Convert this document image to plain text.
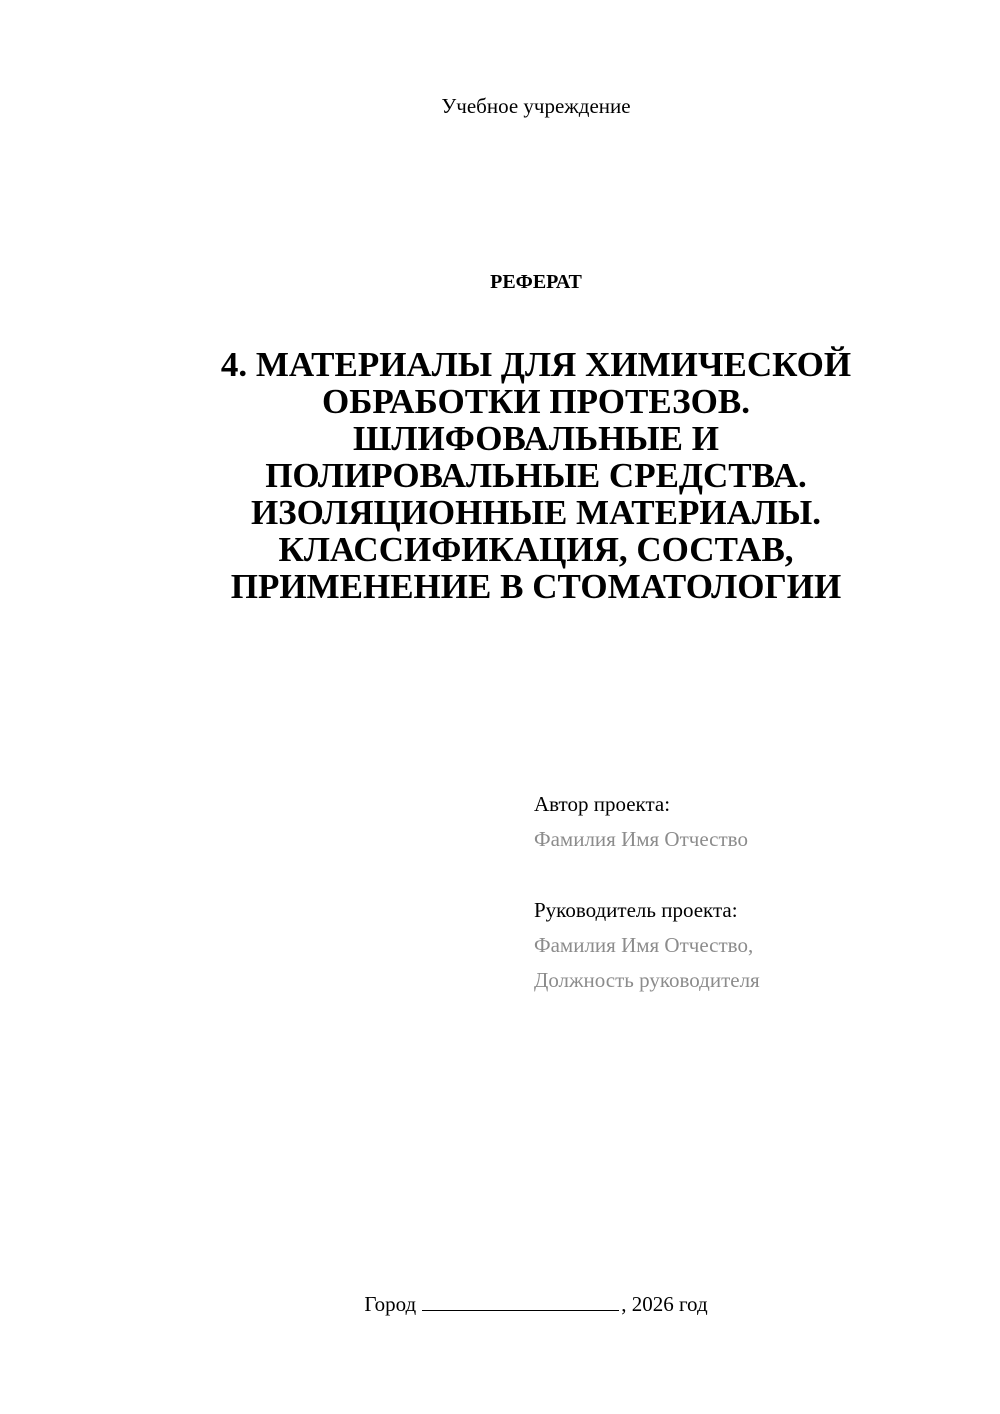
Учебное учреждение
РЕФЕРАТ
4. МАТЕРИАЛЫ ДЛЯ ХИМИЧЕСКОЙ
ОБРАБОТКИ ПРОТЕЗОВ.
ШЛИФОВАЛЬНЫЕ И
ПОЛИРОВАЛЬНЫЕ СРЕДСТВА.
ИЗОЛЯЦИОННЫЕ МАТЕРИАЛЫ.
КЛАССИФИКАЦИЯ, СОСТАВ,
ПРИМЕНЕНИЕ В СТОМАТОЛОГИИ
Автор проекта:
Фамилия Имя Отчество
Руководитель проекта:
Фамилия Имя Отчество,
Должность руководителя
Город	, 2026 год
